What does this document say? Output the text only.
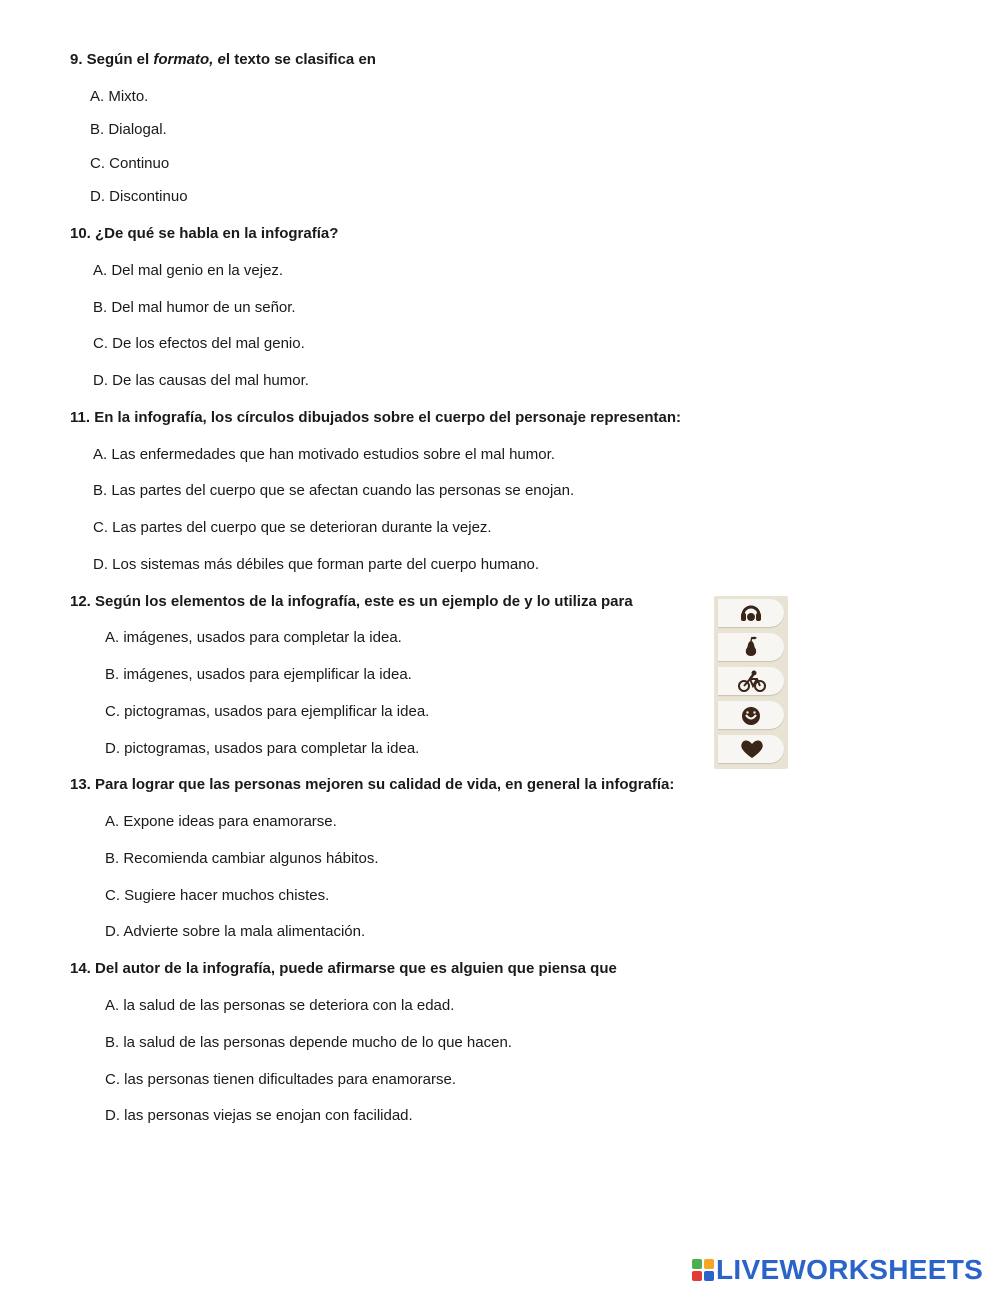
9. Según el formato, el texto se clasifica en
A. Mixto.
B. Dialogal.
C. Continuo
D. Discontinuo
10. ¿De qué se habla en la infografía?
A. Del mal genio en la vejez.
B. Del mal humor de un señor.
C. De los efectos del mal genio.
D. De las causas del mal humor.
11. En la infografía, los círculos dibujados sobre el cuerpo del personaje representan:
A. Las enfermedades que han motivado estudios sobre el mal humor.
B. Las partes del cuerpo que se afectan cuando las personas se enojan.
C. Las partes del cuerpo que se deterioran durante la vejez.
D. Los sistemas más débiles que forman parte del cuerpo humano.
12. Según los elementos de la infografía, este es un ejemplo de y lo utiliza para
A. imágenes, usados para completar la idea.
B. imágenes, usados para ejemplificar la idea.
C. pictogramas, usados para ejemplificar la idea.
D. pictogramas, usados para completar la idea.
13. Para lograr que las personas mejoren su calidad de vida, en general la infografía:
A. Expone ideas para enamorarse.
B. Recomienda cambiar algunos hábitos.
C. Sugiere hacer muchos chistes.
D. Advierte sobre la mala alimentación.
14. Del autor de la infografía, puede afirmarse que es alguien que piensa que
A. la salud de las personas se deteriora con la edad.
B. la salud de las personas depende mucho de lo que hacen.
C. las personas tienen dificultades para enamorarse.
D. las personas viejas se enojan con facilidad.
LIVEWORKSHEETS
